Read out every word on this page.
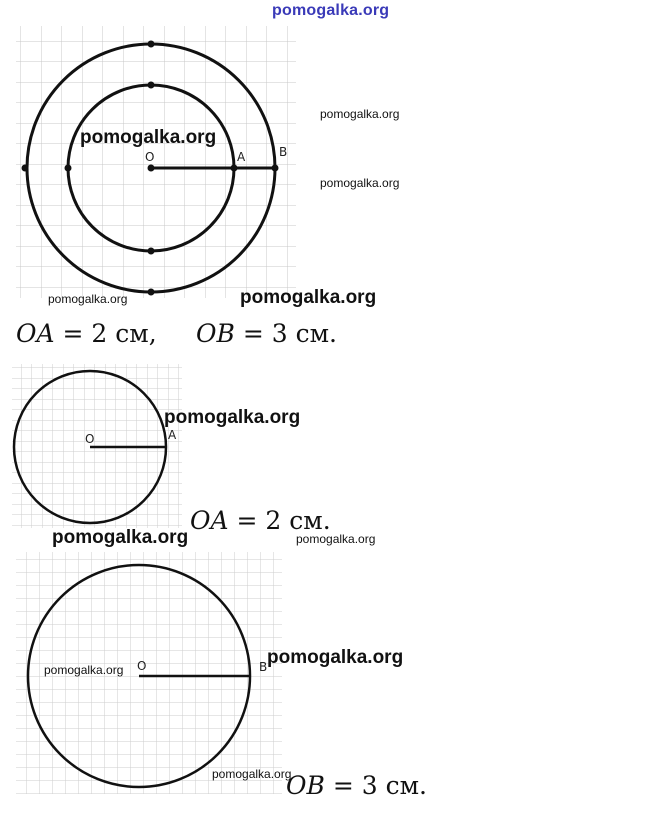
pomogalka.org
O	A	B
pomogalka.org
pomogalka.org
pomogalka.org
pomogalka.org	pomogalka.org
OA = 2 см, OB = 3 см.
O	A
pomogalka.org
OA = 2 см.
pomogalka.org	pomogalka.org
O	B pomogalka.org
pomogalka.org
pomogalka.org
OB = 3 см.
